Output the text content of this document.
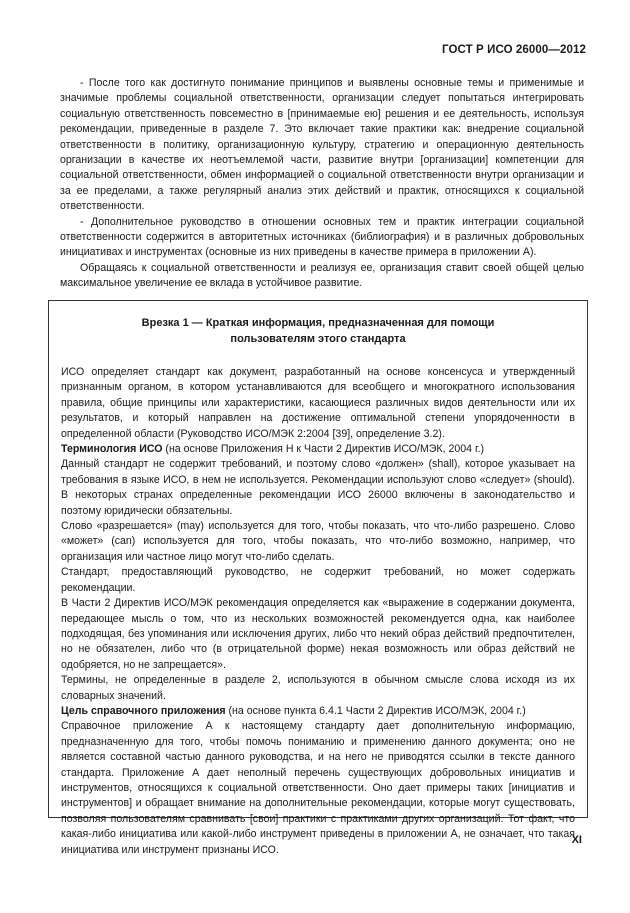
ГОСТ Р ИСО 26000—2012

- После того как достигнуто понимание принципов и выявлены основные темы и применимые и значимые проблемы социальной ответственности, организации следует попытаться интегрировать социальную ответственность повсеместно в [принимаемые ею] решения и ее деятельность, используя рекомендации, приведенные в разделе 7. Это включает такие практики как: внедрение социальной ответственности в политику, организационную культуру, стратегию и операционную деятельность организации в качестве их неотъемлемой части, развитие внутри [организации] компетенции для социальной ответственности, обмен информацией о социальной ответственности внутри организации и за ее пределами, а также регулярный анализ этих действий и практик, относящихся к социальной ответственности.

- Дополнительное руководство в отношении основных тем и практик интеграции социальной ответственности содержится в авторитетных источниках (библиография) и в различных добровольных инициативах и инструментах (основные из них приведены в качестве примера в приложении А).

Обращаясь к социальной ответственности и реализуя ее, организация ставит своей общей целью максимальное увеличение ее вклада в устойчивое развитие.

Врезка 1 — Краткая информация, предназначенная для помощи пользователям этого стандарта

ИСО определяет стандарт как документ, разработанный на основе консенсуса и утвержденный признанным органом, в котором устанавливаются для всеобщего и многократного использования правила, общие принципы или характеристики, касающиеся различных видов деятельности или их результатов, и который направлен на достижение оптимальной степени упорядоченности в определенной области (Руководство ИСО/МЭК 2:2004 [39], определение 3.2).

Терминология ИСО (на основе Приложения Н к Части 2 Директив ИСО/МЭК, 2004 г.)

Данный стандарт не содержит требований, и поэтому слово «должен» (shall), которое указывает на требования в языке ИСО, в нем не используется. Рекомендации используют слово «следует» (should). В некоторых странах определенные рекомендации ИСО 26000 включены в законодательство и поэтому юридически обязательны.

Слово «разрешается» (may) используется для того, чтобы показать, что что-либо разрешено. Слово «может» (can) используется для того, чтобы показать, что что-либо возможно, например, что организация или частное лицо могут что-либо сделать.

Стандарт, предоставляющий руководство, не содержит требований, но может содержать рекомендации.

В Части 2 Директив ИСО/МЭК рекомендация определяется как «выражение в содержании документа, передающее мысль о том, что из нескольких возможностей рекомендуется одна, как наиболее подходящая, без упоминания или исключения других, либо что некий образ действий предпочтителен, но не обязателен, либо что (в отрицательной форме) некая возможность или образ действий не одобряется, но не запрещается».

Термины, не определенные в разделе 2, используются в обычном смысле слова исходя из их словарных значений.

Цель справочного приложения (на основе пункта 6.4.1 Части 2 Директив ИСО/МЭК, 2004 г.)

Справочное приложение А к настоящему стандарту дает дополнительную информацию, предназначенную для того, чтобы помочь пониманию и применению данного документа; оно не является составной частью данного руководства, и на него не приводятся ссылки в тексте данного стандарта. Приложение А дает неполный перечень существующих добровольных инициатив и инструментов, относящихся к социальной ответственности. Оно дает примеры таких [инициатив и инструментов] и обращает внимание на дополнительные рекомендации, которые могут существовать, позволяя пользователям сравнивать [свои] практики с практиками других организаций. Тот факт, что какая-либо инициатива или какой-либо инструмент приведены в приложении А, не означает, что такая инициатива или инструмент признаны ИСО.

XI
